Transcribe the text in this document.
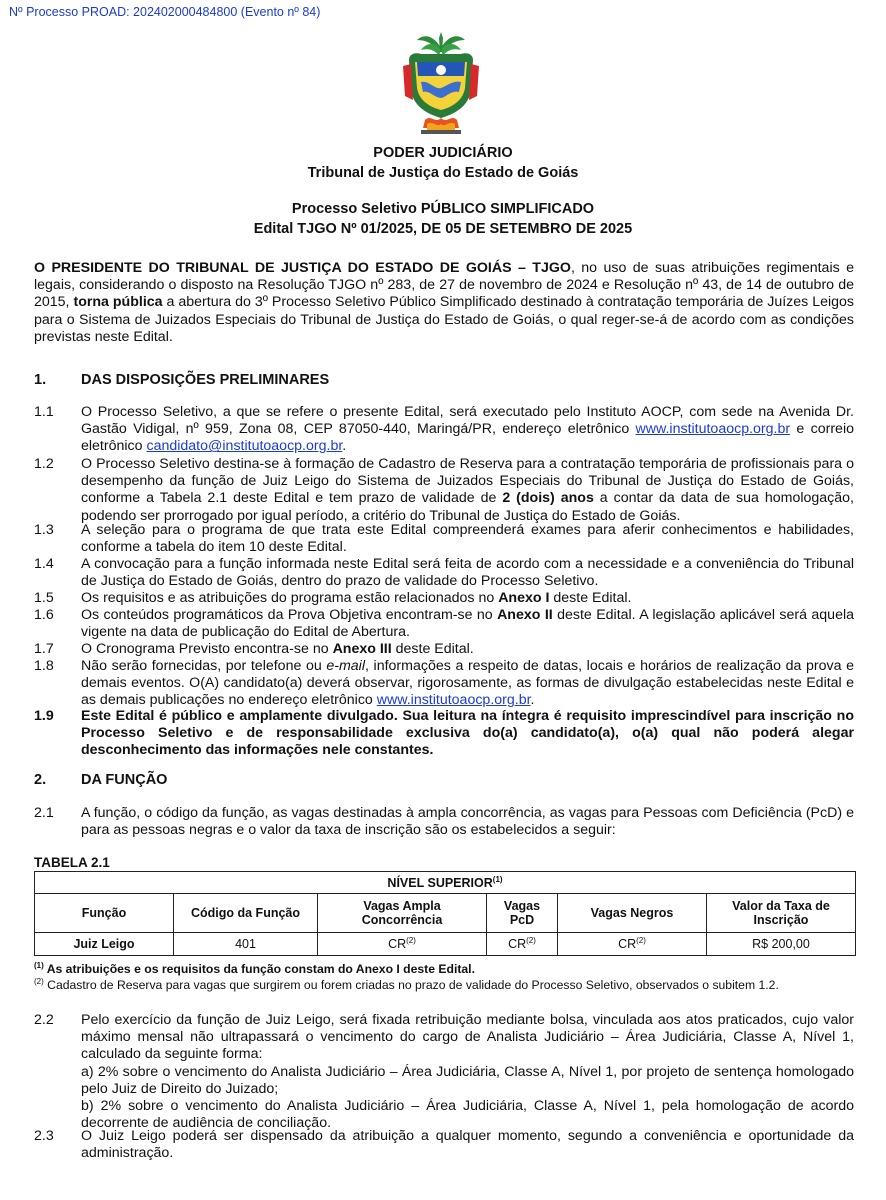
Nº Processo PROAD: 202402000484800 (Evento nº 84)
PODER JUDICIÁRIO
Tribunal de Justiça do Estado de Goiás
Processo Seletivo PÚBLICO SIMPLIFICADO
Edital TJGO Nº 01/2025, DE 05 DE SETEMBRO DE 2025
O PRESIDENTE DO TRIBUNAL DE JUSTIÇA DO ESTADO DE GOIÁS – TJGO, no uso de suas atribuições regimentais e legais, considerando o disposto na Resolução TJGO nº 283, de 27 de novembro de 2024 e Resolução nº 43, de 14 de outubro de 2015, torna pública a abertura do 3º Processo Seletivo Público Simplificado destinado à contratação temporária de Juízes Leigos para o Sistema de Juizados Especiais do Tribunal de Justiça do Estado de Goiás, o qual reger-se-á de acordo com as condições previstas neste Edital.
1. DAS DISPOSIÇÕES PRELIMINARES
1.1 O Processo Seletivo, a que se refere o presente Edital, será executado pelo Instituto AOCP, com sede na Avenida Dr. Gastão Vidigal, nº 959, Zona 08, CEP 87050-440, Maringá/PR, endereço eletrônico www.institutoaocp.org.br e correio eletrônico candidato@institutoaocp.org.br.
1.2 O Processo Seletivo destina-se à formação de Cadastro de Reserva para a contratação temporária de profissionais para o desempenho da função de Juiz Leigo do Sistema de Juizados Especiais do Tribunal de Justiça do Estado de Goiás, conforme a Tabela 2.1 deste Edital e tem prazo de validade de 2 (dois) anos a contar da data de sua homologação, podendo ser prorrogado por igual período, a critério do Tribunal de Justiça do Estado de Goiás.
1.3 A seleção para o programa de que trata este Edital compreenderá exames para aferir conhecimentos e habilidades, conforme a tabela do item 10 deste Edital.
1.4 A convocação para a função informada neste Edital será feita de acordo com a necessidade e a conveniência do Tribunal de Justiça do Estado de Goiás, dentro do prazo de validade do Processo Seletivo.
1.5 Os requisitos e as atribuições do programa estão relacionados no Anexo I deste Edital.
1.6 Os conteúdos programáticos da Prova Objetiva encontram-se no Anexo II deste Edital. A legislação aplicável será aquela vigente na data de publicação do Edital de Abertura.
1.7 O Cronograma Previsto encontra-se no Anexo III deste Edital.
1.8 Não serão fornecidas, por telefone ou e-mail, informações a respeito de datas, locais e horários de realização da prova e demais eventos. O(A) candidato(a) deverá observar, rigorosamente, as formas de divulgação estabelecidas neste Edital e as demais publicações no endereço eletrônico www.institutoaocp.org.br.
1.9 Este Edital é público e amplamente divulgado. Sua leitura na íntegra é requisito imprescindível para inscrição no Processo Seletivo e de responsabilidade exclusiva do(a) candidato(a), o(a) qual não poderá alegar desconhecimento das informações nele constantes.
2. DA FUNÇÃO
2.1 A função, o código da função, as vagas destinadas à ampla concorrência, as vagas para Pessoas com Deficiência (PcD) e para as pessoas negras e o valor da taxa de inscrição são os estabelecidos a seguir:
TABELA 2.1
NÍVEL SUPERIOR$^{(1)}$
Função	Código da Função	Vagas Ampla Concorrência	Vagas PcD	Vagas Negros	Valor da Taxa de Inscrição
Juiz Leigo	401	CR$^{(2)}$	CR$^{(2)}$	CR$^{(2)}$	R$ 200,00
$^{(1)}$ As atribuições e os requisitos da função constam do Anexo I deste Edital.
$^{(2)}$ Cadastro de Reserva para vagas que surgirem ou forem criadas no prazo de validade do Processo Seletivo, observados o subitem 1.2.
2.2 Pelo exercício da função de Juiz Leigo, será fixada retribuição mediante bolsa, vinculada aos atos praticados, cujo valor máximo mensal não ultrapassará o vencimento do cargo de Analista Judiciário – Área Judiciária, Classe A, Nível 1, calculado da seguinte forma:
a) 2% sobre o vencimento do Analista Judiciário – Área Judiciária, Classe A, Nível 1, por projeto de sentença homologado pelo Juiz de Direito do Juizado;
b) 2% sobre o vencimento do Analista Judiciário – Área Judiciária, Classe A, Nível 1, pela homologação de acordo decorrente de audiência de conciliação.
2.3 O Juiz Leigo poderá ser dispensado da atribuição a qualquer momento, segundo a conveniência e oportunidade da administração.
